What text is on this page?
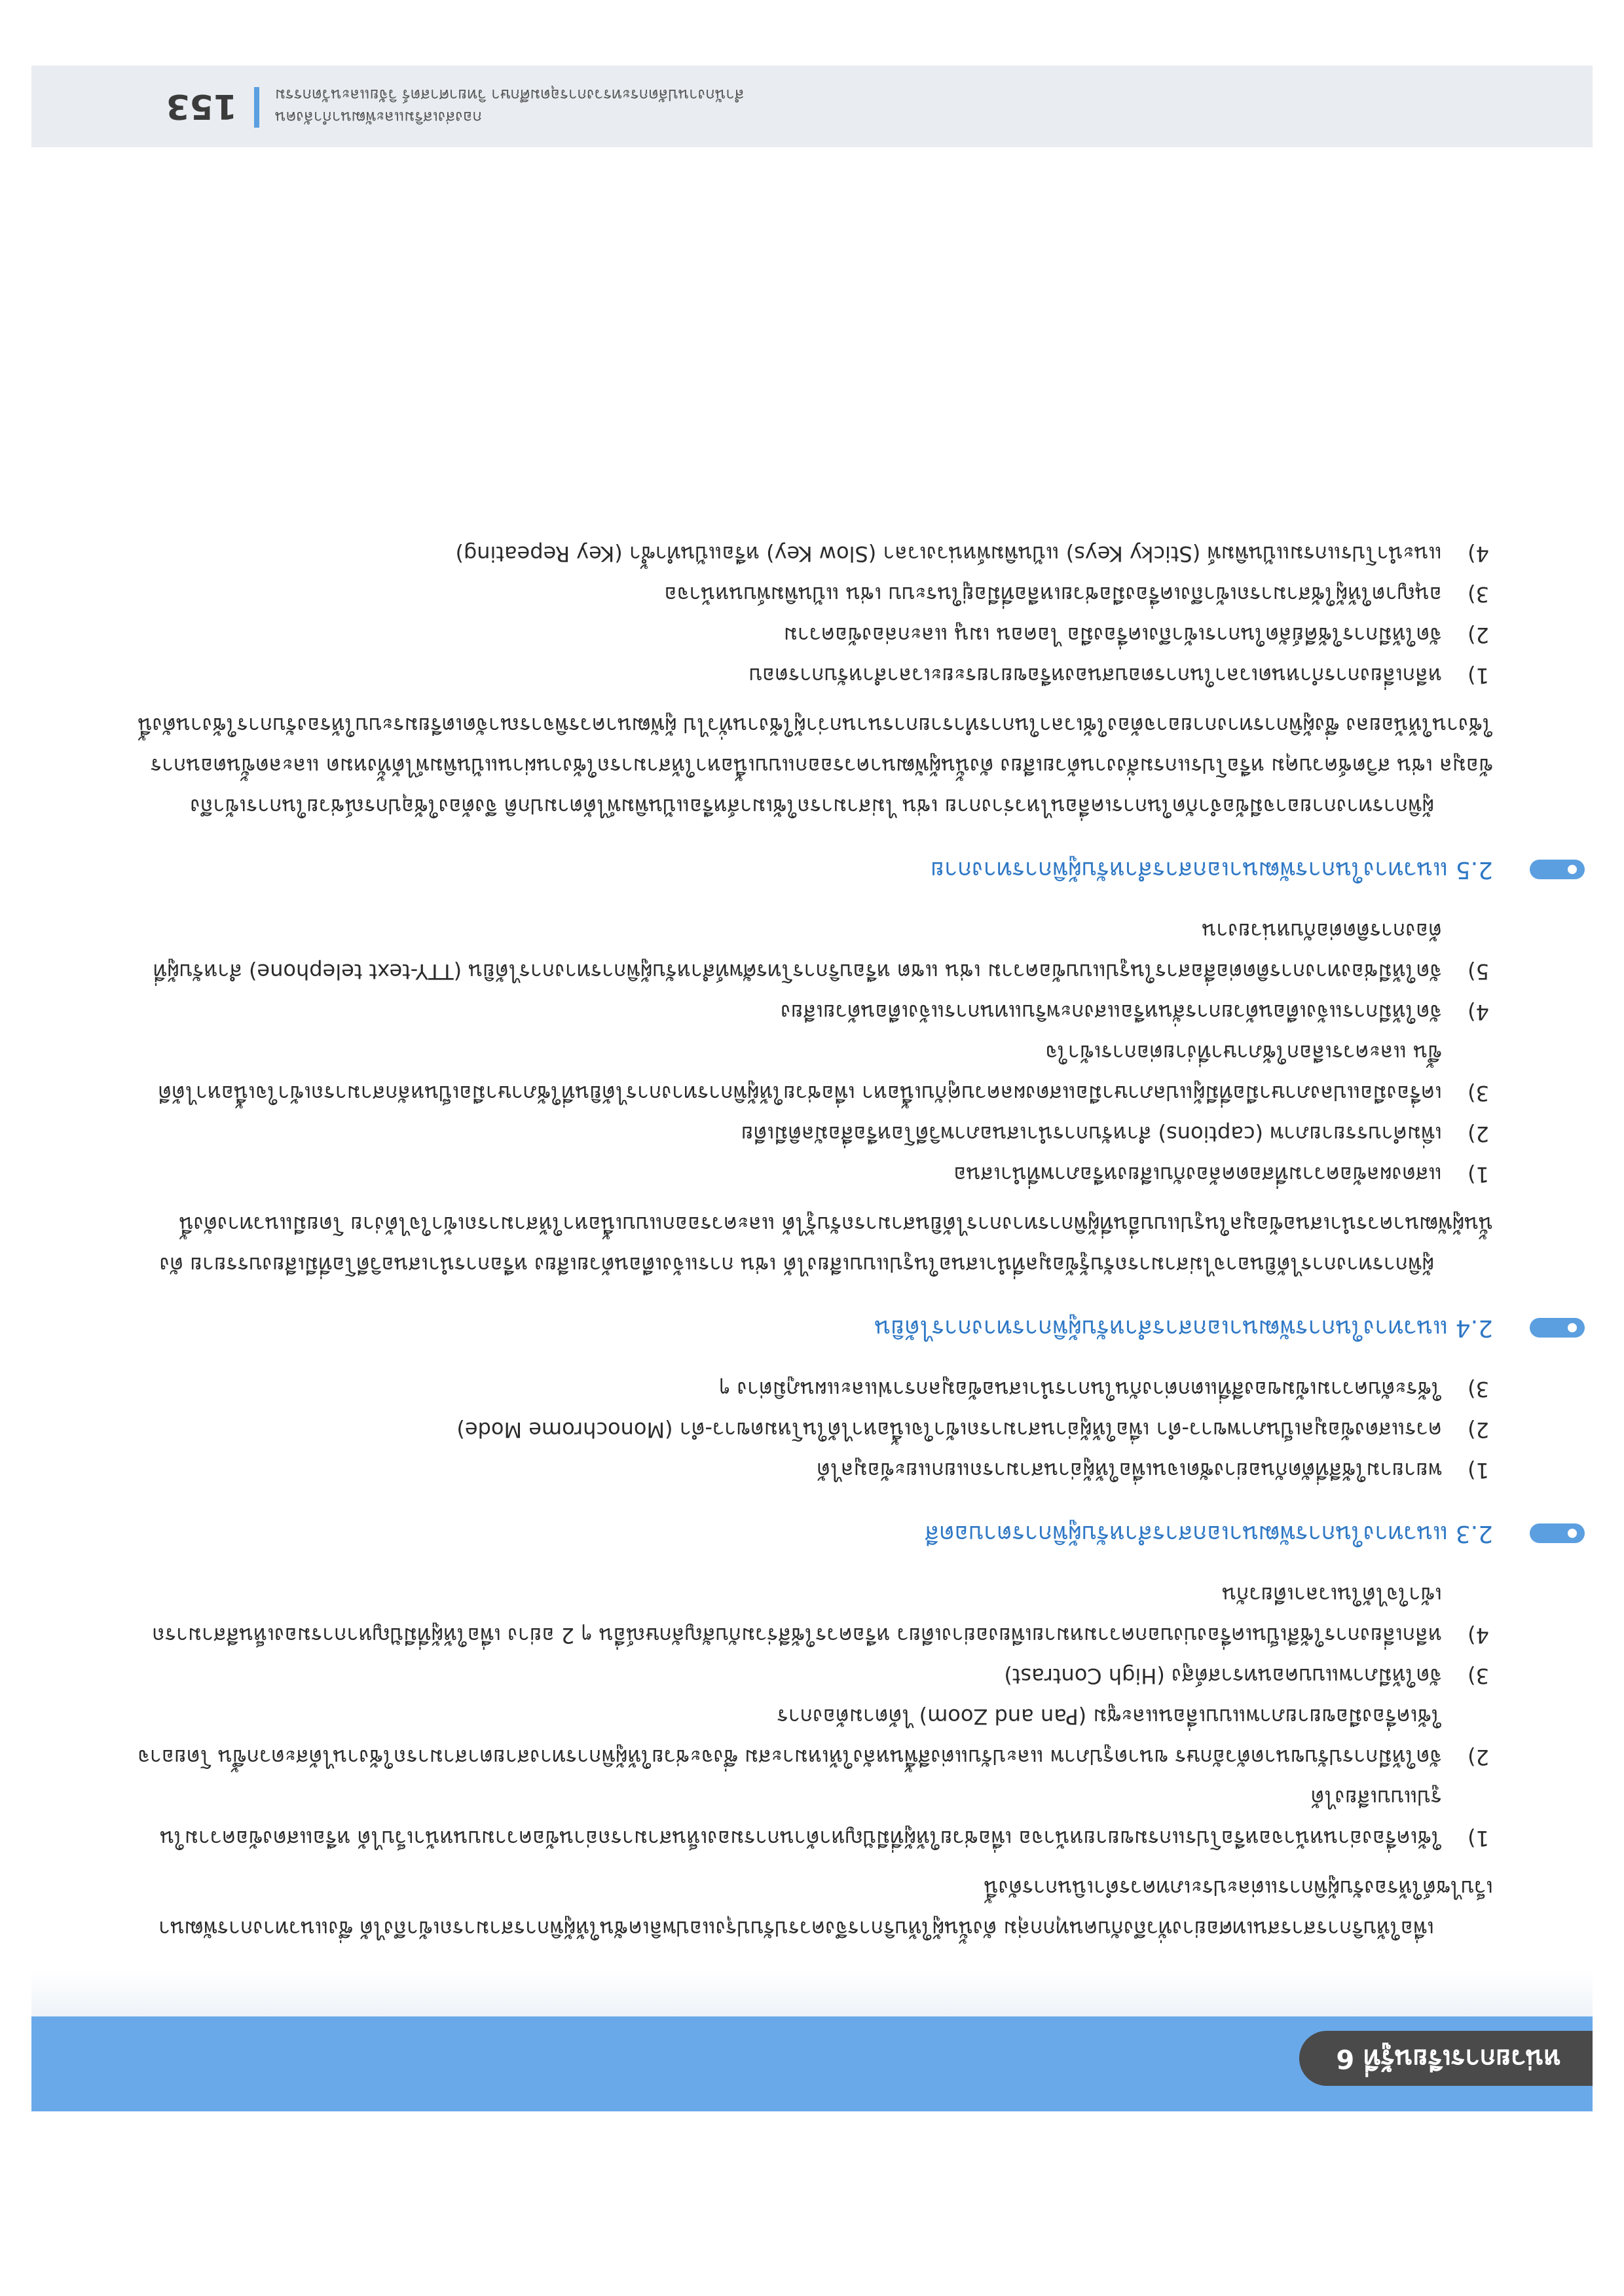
หน่วยการเรียนรู้ที่ 6

เพื่อให้บริการสารสนเทศอย่างทั่วถึงกับคนทุกกลุ่ม ดังนั้นผู้ให้บริการจึงควรปรับปรุงแอปพลิเคชันให้ผู้พิการสามารถเข้าถึงได้ ซึ่งแนวทางการพัฒนาเว็บไซต์ให้รองรับผู้พิการแต่ละประเภทควรดำเนินการดังนี้

1)
ใช้เครื่องอ่านหน้าจอหรือโปรแกรมขยายหน้าจอ เพื่อช่วยให้ผู้ที่มีปัญหาด้านการมองเห็นสามารถอ่านข้อความบนหน้าเว็บได้ หรือแสดงข้อความในรูปแบบเสียงได้
2)
จัดให้มีการปรับขนาดตัวอักษร ขนาดรูปภาพ และปรับแต่งสีพื้นหลังให้เหมาะสม ซึ่งจะช่วยให้ผู้พิการทางสายตาสามารถใช้งานได้สะดวกขึ้น โดยอาจใช้เครื่องมือขยายภาพแบบเลื่อนและซูม (Pan and Zoom) ได้ตามต้องการ
3)
จัดให้มีภาพแบบคอนทราสต์สูง (High Contrast)
4)
หลีกเลี่ยงการใช้สีเป็นเครื่องบ่งบอกความหมายเพียงอย่างเดียว หรือควรใช้สีร่วมกับสัญลักษณ์อื่น ๆ 2 อย่าง เพื่อให้ผู้ที่มีปัญหาการมองเห็นสีสามารถเข้าใจได้ในเวลาเดียวกัน
2.3 แนวทางในการพัฒนาเอกสารสำหรับผู้พิการตาบอดสี
1)
พยายามใช้สีที่ตัดกันอย่างชัดเจนเพื่อให้ผู้อ่านสามารถแยกแยะข้อมูลได้
2)
ควรแสดงข้อมูลเป็นภาพขาว-ดำ เพื่อให้ผู้อ่านสามารถเข้าใจเนื้อหาได้ในโหมดขาว-ดำ (Monochrome Mode)
3)
ใช้ระดับความเข้มของสีที่แตกต่างกันในการนำเสนอข้อมูลกราฟและแผนภูมิต่าง ๆ
2.4 แนวทางในการพัฒนาเอกสารสำหรับผู้พิการทางการได้ยิน

ผู้พิการทางการได้ยินอาจไม่สามารถรับรู้ข้อมูลที่นำเสนอในรูปแบบเสียงได้ เช่น การแจ้งเตือนด้วยเสียง หรือการนำเสนอวิดีโอที่มีเสียงบรรยาย ดังนั้นผู้พัฒนาควรนำเสนอข้อมูลในรูปแบบอื่นที่ผู้พิการทางการได้ยินสามารถรับรู้ได้ และควรออกแบบเนื้อหาให้สามารถเข้าใจได้ง่าย โดยมีแนวทางดังนี้

1)
แสดงผลข้อความที่สอดคล้องกับเสียงหรือภาพที่นำเสนอ
2)
เพิ่มคำบรรยายภาพ (captions) สำหรับการนำเสนอภาพวิดีโอหรือสื่อมัลติมีเดีย
3)
เครื่องมือแปลงภาษามือที่มีผู้แปลภาษามือแสดงผลควบคู่กับเนื้อหา เพื่อช่วยให้ผู้พิการทางการได้ยินที่ใช้ภาษามือเป็นหลักสามารถเข้าใจเนื้อหาได้ดีขึ้น และควรเลือกใช้ภาษาที่ง่ายต่อการเข้าใจ
4)
จัดให้มีการแจ้งเตือนด้วยการสั่นหรือแสงกะพริบแทนการแจ้งเตือนด้วยเสียง
5)
จัดให้มีช่องทางการติดต่อสื่อสารในรูปแบบข้อความ เช่น แชต หรือบริการโทรศัพท์สำหรับผู้พิการทางการได้ยิน (TTY-text telephone) สำหรับผู้ที่ต้องการติดต่อกับหน่วยงาน
2.5 แนวทางในการพัฒนาเอกสารสำหรับผู้พิการทางกาย

ผู้พิการทางกายอาจมีข้อจำกัดในการเคลื่อนไหวร่างกาย เช่น ไม่สามารถใช้เมาส์หรือแป้นพิมพ์ได้ตามปกติ จึงต้องใช้อุปกรณ์ช่วยในการเข้าถึงข้อมูล เช่น สวิตช์ควบคุม หรือโปรแกรมสั่งงานด้วยเสียง ดังนั้นผู้พัฒนาควรออกแบบเนื้อหาให้สามารถใช้งานผ่านแป้นพิมพ์ได้ทั้งหมด และลดขั้นตอนการใช้งานให้น้อยลง ซึ่งผู้พิการทางกายอาจต้องใช้เวลาในการทำรายการนานกว่าผู้ใช้งานทั่วไป ผู้พัฒนาควรพิจารณาจัดเตรียมระบบให้รองรับการใช้งานดังนี้

1)
หลีกเลี่ยงการกำหนดเวลาในการตอบสนองหรือขยายระยะเวลาสำหรับการตอบ
2)
จัดให้มีการใช้คีย์ลัดในการเข้าถึงเครื่องมือ ไอคอน เมนู และกล่องข้อความ
3)
อนุญาตให้ผู้ใช้สามารถเข้าถึงเครื่องมือช่วยเหลือที่มีอยู่ในระบบ เช่น แป้นพิมพ์บนหน้าจอ
4)
แนะนำโปรแกรมแป้นพิมพ์ (Sticky Keys) แป้นพิมพ์หน่วงเวลา (Slow Key) หรือแป้นทำซ้ำ (Key Repeating)
กองส่งเสริมและพัฒนากำลังคน
สำนักงานปลัดกระทรวงการอุดมศึกษา วิทยาศาสตร์ วิจัยและนวัตกรรม
153
